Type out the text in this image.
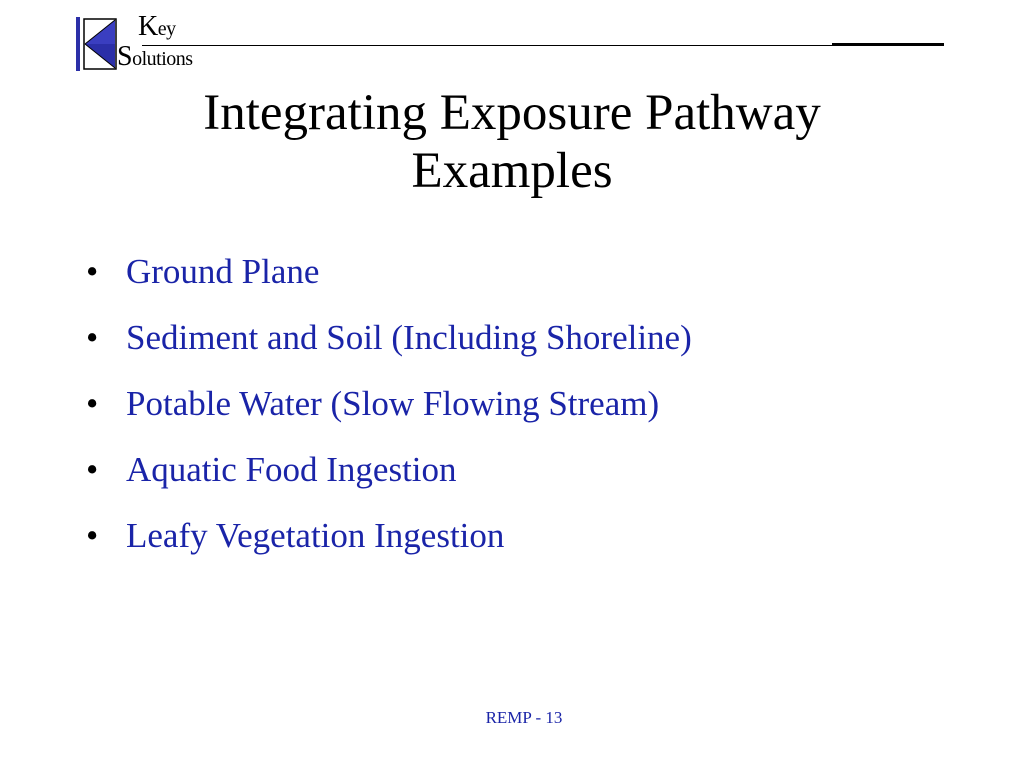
Key
Solutions
Integrating Exposure Pathway
Examples
• Ground Plane
• Sediment and Soil (Including Shoreline)
• Potable Water (Slow Flowing Stream)
• Aquatic Food Ingestion
• Leafy Vegetation Ingestion
REMP - 13
